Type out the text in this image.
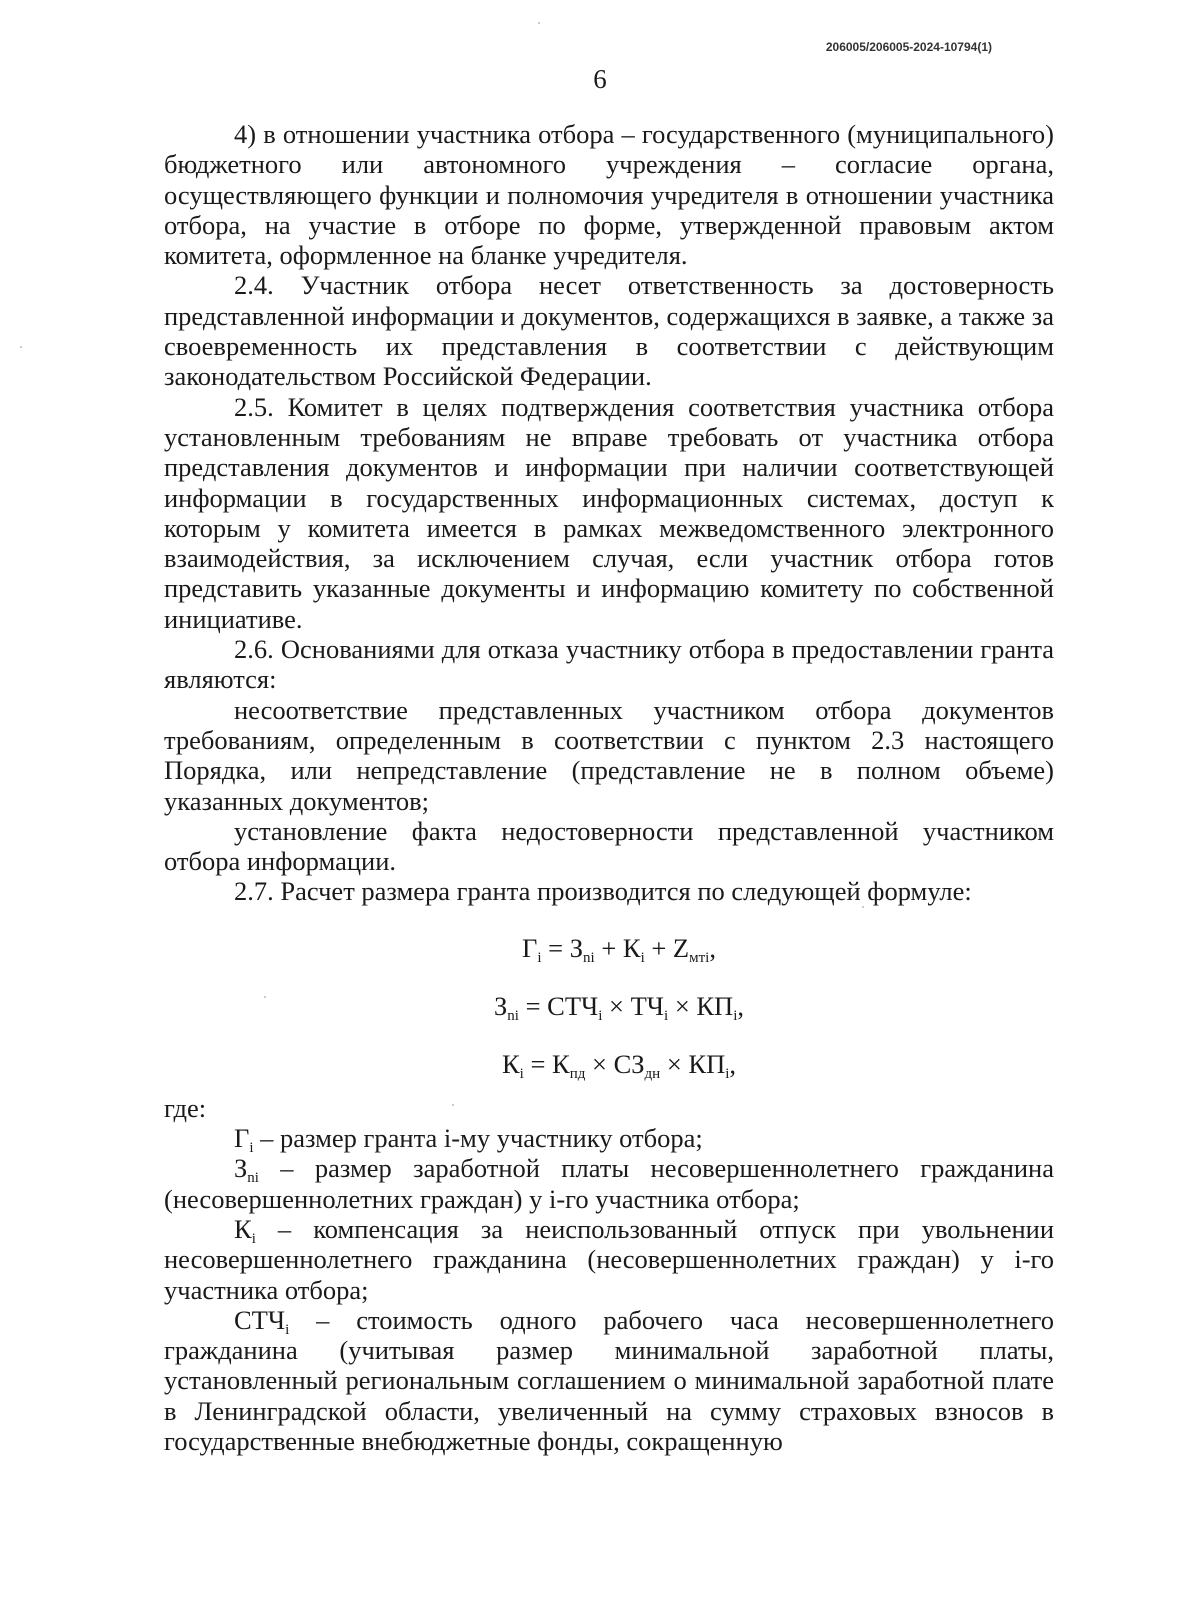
206005/206005-2024-10794(1)
6
4) в отношении участника отбора – государственного (муниципального) бюджетного или автономного учреждения – согласие органа, осуществляющего функции и полномочия учредителя в отношении участника отбора, на участие в отборе по форме, утвержденной правовым актом комитета, оформленное на бланке учредителя.
2.4. Участник отбора несет ответственность за достоверность представленной информации и документов, содержащихся в заявке, а также за своевременность их представления в соответствии с действующим законодательством Российской Федерации.
2.5. Комитет в целях подтверждения соответствия участника отбора установленным требованиям не вправе требовать от участника отбора представления документов и информации при наличии соответствующей информации в государственных информационных системах, доступ к которым у комитета имеется в рамках межведомственного электронного взаимодействия, за исключением случая, если участник отбора готов представить указанные документы и информацию комитету по собственной инициативе.
2.6. Основаниями для отказа участнику отбора в предоставлении гранта являются:
несоответствие представленных участником отбора документов требованиям, определенным в соответствии с пунктом 2.3 настоящего Порядка, или непредставление (представление не в полном объеме) указанных документов;
установление факта недостоверности представленной участником отбора информации.
2.7. Расчет размера гранта производится по следующей формуле:
$Г_i = З_{ni} + К_i + Z_{мтi}$,
$З_{ni} = СТЧ_i \times ТЧ_i \times КП_i$,
$К_i = К_{пд} \times СЗ_{дн} \times КП_i$,
где:
$Г_i$ – размер гранта i-му участнику отбора;
$З_{ni}$ – размер заработной платы несовершеннолетнего гражданина (несовершеннолетних граждан) у i-го участника отбора;
$К_i$ – компенсация за неиспользованный отпуск при увольнении несовершеннолетнего гражданина (несовершеннолетних граждан) у i-го участника отбора;
$СТЧ_i$ – стоимость одного рабочего часа несовершеннолетнего гражданина (учитывая размер минимальной заработной платы, установленный региональным соглашением о минимальной заработной плате в Ленинградской области, увеличенный на сумму страховых взносов в государственные внебюджетные фонды, сокращенную
